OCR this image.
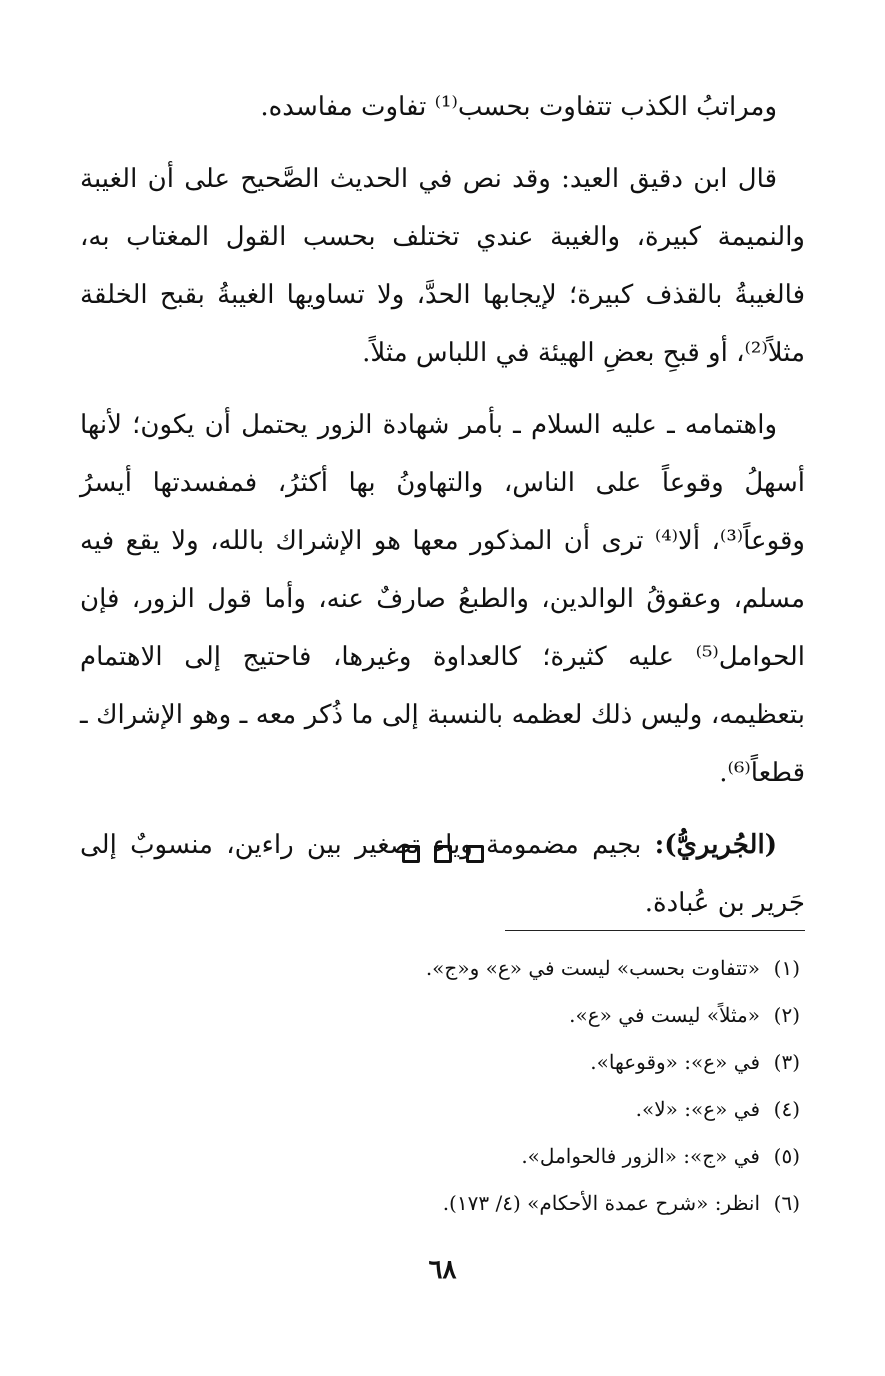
ومراتبُ الكذب تتفاوت بحسب⁽¹⁾ تفاوت مفاسده.

قال ابن دقيق العيد: وقد نص في الحديث الصَّحيح على أن الغيبة والنميمة كبيرة، والغيبة عندي تختلف بحسب القول المغتاب به، فالغيبةُ بالقذف كبيرة؛ لإيجابها الحدَّ، ولا تساويها الغيبةُ بقبح الخلقة مثلاً⁽²⁾، أو قبحِ بعضِ الهيئة في اللباس مثلاً.

واهتمامه ـ عليه السلام ـ بأمر شهادة الزور يحتمل أن يكون؛ لأنها أسهلُ وقوعاً على الناس، والتهاونُ بها أكثرُ، فمفسدتها أيسرُ وقوعاً⁽³⁾، ألا⁽⁴⁾ ترى أن المذكور معها هو الإشراك بالله، ولا يقع فيه مسلم، وعقوقُ الوالدين، والطبعُ صارفٌ عنه، وأما قول الزور، فإن الحوامل⁽⁵⁾ عليه كثيرة؛ كالعداوة وغيرها، فاحتيج إلى الاهتمام بتعظيمه، وليس ذلك لعظمه بالنسبة إلى ما ذُكر معه ـ وهو الإشراك ـ قطعاً⁽⁶⁾.

(الجُريريُّ): بجيم مضمومة وياء تصغير بين راءين، منسوبٌ إلى جَرير بن عُبادة.

(١)
«تتفاوت بحسب» ليست في «ع» و«ج».
(٢)
«مثلاً» ليست في «ع».
(٣)
في «ع»: «وقوعها».
(٤)
في «ع»: «لا».
(٥)
في «ج»: «الزور فالحوامل».
(٦)
انظر: «شرح عمدة الأحكام» (٤/ ١٧٣).
٦٨
